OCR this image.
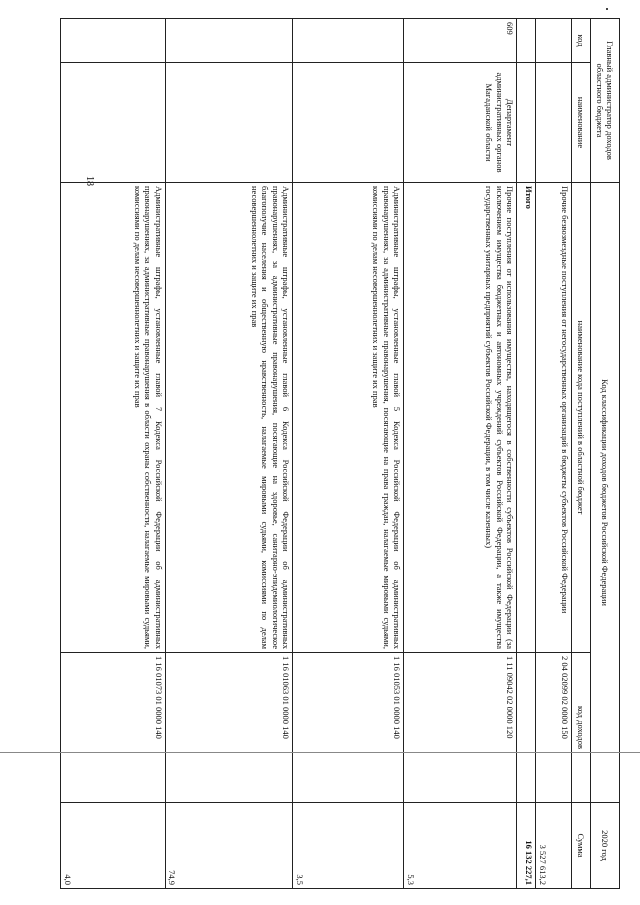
18
Главный администратор доходов областного бюджета		Код классификации доходов бюджетов Российской Федерации		2020 год
код	наименование	наименование кода поступлений в областной бюджет	код доходов	Сумма
		Прочие безвозмездные поступления от негосударственных организаций в бюджеты субъектов Российской Федерации	2 04 02099 02 0000 150	3 527 613,2
		Итого		16 132 227,1
609	Департамент административных органов Магаданской области	Прочие поступления от использования имущества, находящегося в собственности субъектов Российской Федерации (за исключением имущества бюджетных и автономных учреждений субъектов Российской Федерации, а также имущества государственных унитарных предприятий субъектов Российской Федерации, в том числе казенных)	1 11 09042 02 0000 120	5,3
		Административные штрафы, установленные главой 5 Кодекса Российской Федерации об административных правонарушениях, за административные правонарушения, посягающие на права граждан, налагаемые мировыми судьями, комиссиями по делам несовершеннолетних и защите их прав	1 16 01053 01 0000 140	3,5
		Административные штрафы, установленные главой 6 Кодекса Российской Федерации об административных правонарушениях, за административные правонарушения, посягающие на здоровье, санитарно-эпидемиологическое благополучие населения и общественную нравственность, налагаемые мировыми судьями, комиссиями по делам несовершеннолетних и защите их прав	1 16 01063 01 0000 140	74,9
		Административные штрафы, установленные главой 7 Кодекса Российской Федерации об административных правонарушениях, за административные правонарушения в области охраны собственности, налагаемые мировыми судьями, комиссиями по делам несовершеннолетних и защите их прав	1 16 01073 01 0000 140	4,0
